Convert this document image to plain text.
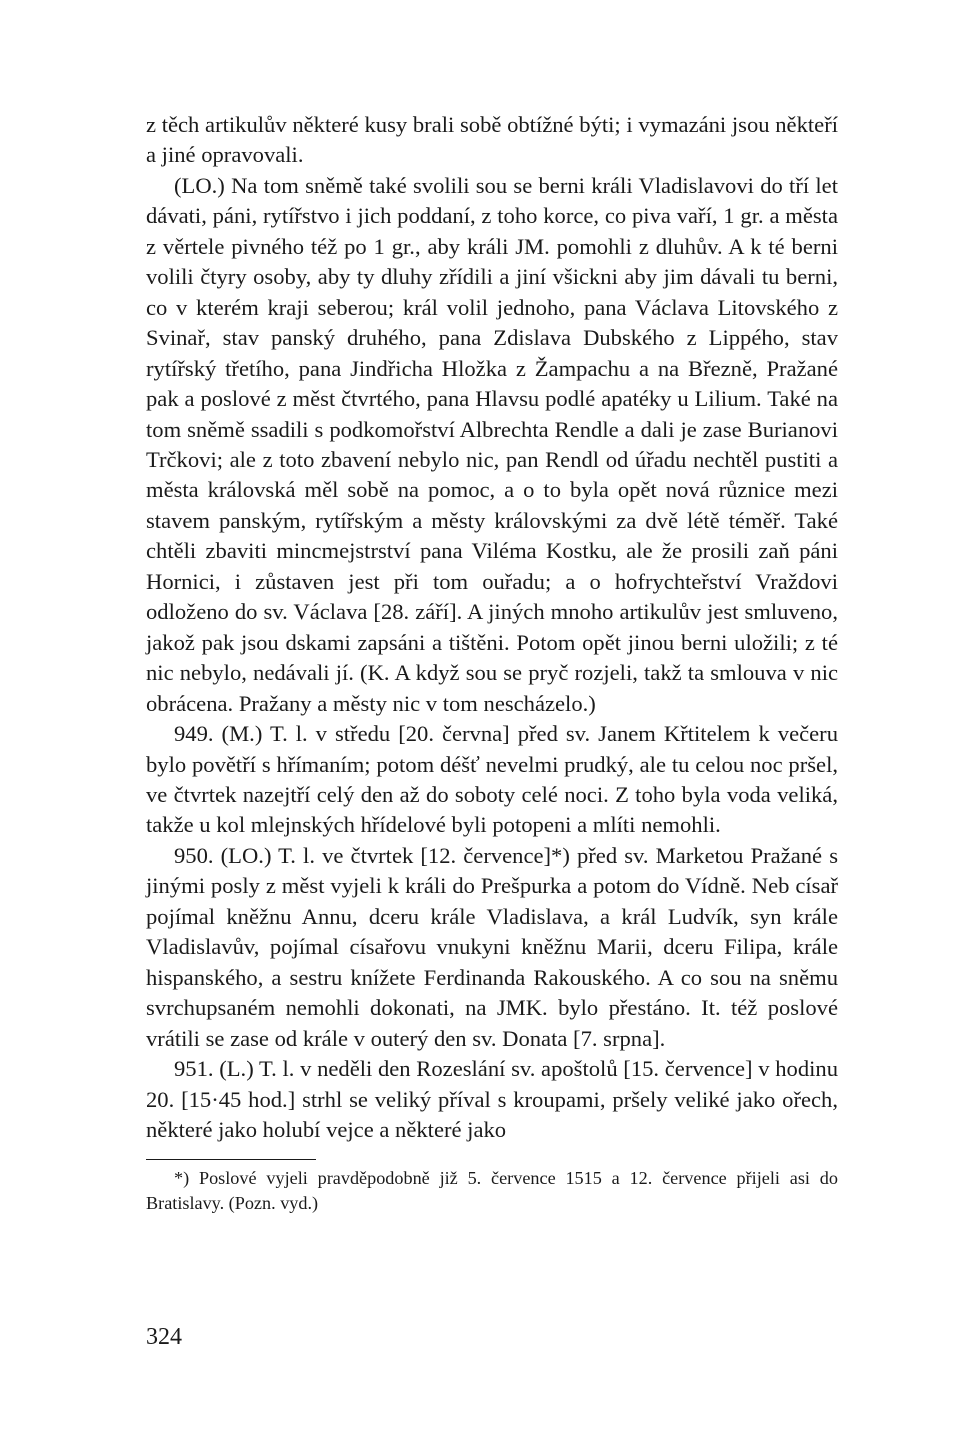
z těch artikulův některé kusy brali sobě obtížné býti; i vymazáni jsou někteří a jiné opravovali.

(LO.) Na tom sněmě také svolili sou se berni králi Vladislavovi do tří let dávati, páni, rytířstvo i jich poddaní, z toho korce, co piva vaří, 1 gr. a města z věrtele pivného též po 1 gr., aby králi JM. pomohli z dluhův. A k té berni volili čtyry osoby, aby ty dluhy zřídili a jiní všickni aby jim dávali tu berni, co v kterém kraji seberou; král volil jednoho, pana Václava Litovského z Svinař, stav panský druhého, pana Zdislava Dubského z Lippého, stav rytířský třetího, pana Jindřicha Hložka z Žampachu a na Březně, Pražané pak a poslové z měst čtvrtého, pana Hlavsu podlé apatéky u Lilium. Také na tom sněmě ssadili s podkomořství Albrechta Rendle a dali je zase Burianovi Trčkovi; ale z toto zbavení nebylo nic, pan Rendl od úřadu nechtěl pustiti a města královská měl sobě na pomoc, a o to byla opět nová různice mezi stavem panským, rytířským a městy královskými za dvě létě téměř. Také chtěli zbaviti mincmejstrství pana Viléma Kostku, ale že prosili zaň páni Hornici, i zůstaven jest při tom ouřadu; a o hofrychteřství Vraždovi odloženo do sv. Václava [28. září]. A jiných mnoho artikulův jest smluveno, jakož pak jsou dskami zapsáni a tištěni. Potom opět jinou berni uložili; z té nic nebylo, nedávali jí. (K. A když sou se pryč rozjeli, takž ta smlouva v nic obrácena. Pražany a městy nic v tom nescházelo.)

949. (M.) T. l. v středu [20. června] před sv. Janem Křtitelem k večeru bylo povětří s hřímaním; potom déšť nevelmi prudký, ale tu celou noc pršel, ve čtvrtek nazejtří celý den až do soboty celé noci. Z toho byla voda veliká, takže u kol mlejnských hřídelové byli potopeni a mlíti nemohli.

950. (LO.) T. l. ve čtvrtek [12. července]*) před sv. Marketou Pražané s jinými posly z měst vyjeli k králi do Prešpurka a potom do Vídně. Neb císař pojímal kněžnu Annu, dceru krále Vladislava, a král Ludvík, syn krále Vladislavův, pojímal císařovu vnukyni kněžnu Marii, dceru Filipa, krále hispanského, a sestru knížete Ferdinanda Rakouského. A co sou na sněmu svrchupsaném nemohli dokonati, na JMK. bylo přestáno. It. též poslové vrátili se zase od krále v outerý den sv. Donata [7. srpna].

951. (L.) T. l. v neděli den Rozeslání sv. apoštolů [15. července] v hodinu 20. [15·45 hod.] strhl se veliký příval s kroupami, pršely veliké jako ořech, některé jako holubí vejce a některé jako

*) Poslové vyjeli pravděpodobně již 5. července 1515 a 12. července přijeli asi do Bratislavy. (Pozn. vyd.)

324
